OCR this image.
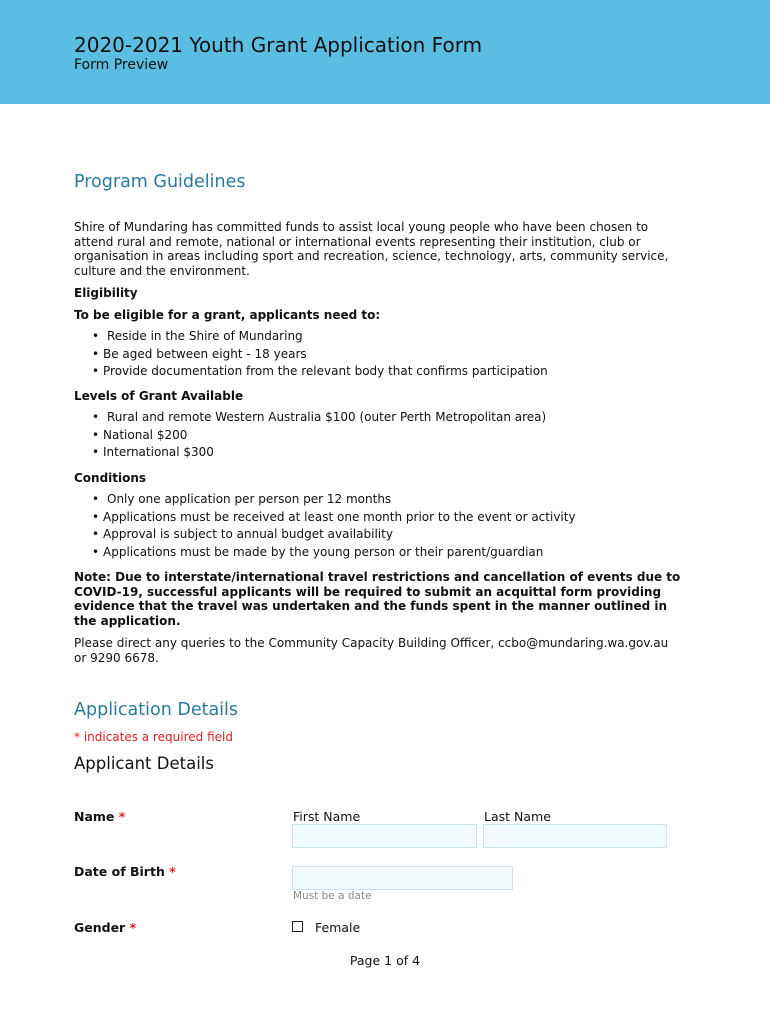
2020-2021 Youth Grant Application Form
Form Preview
Program Guidelines
Shire of Mundaring has committed funds to assist local young people who have been chosen to attend rural and remote, national or international events representing their institution, club or organisation in areas including sport and recreation, science, technology, arts, community service, culture and the environment.
Eligibility
To be eligible for a grant, applicants need to:
• Reside in the Shire of Mundaring
• Be aged between eight - 18 years
• Provide documentation from the relevant body that confirms participation
Levels of Grant Available
• Rural and remote Western Australia $100 (outer Perth Metropolitan area)
• National $200
• International $300
Conditions
• Only one application per person per 12 months
• Applications must be received at least one month prior to the event or activity
• Approval is subject to annual budget availability
• Applications must be made by the young person or their parent/guardian
Note: Due to interstate/international travel restrictions and cancellation of events due to COVID-19, successful applicants will be required to submit an acquittal form providing evidence that the travel was undertaken and the funds spent in the manner outlined in the application.
Please direct any queries to the Community Capacity Building Officer, ccbo@mundaring.wa.gov.au or 9290 6678.
Application Details
* indicates a required field
Applicant Details
Name *	First Name	Last Name
Date of Birth *
Must be a date
Gender *	Female
Page 1 of 4
